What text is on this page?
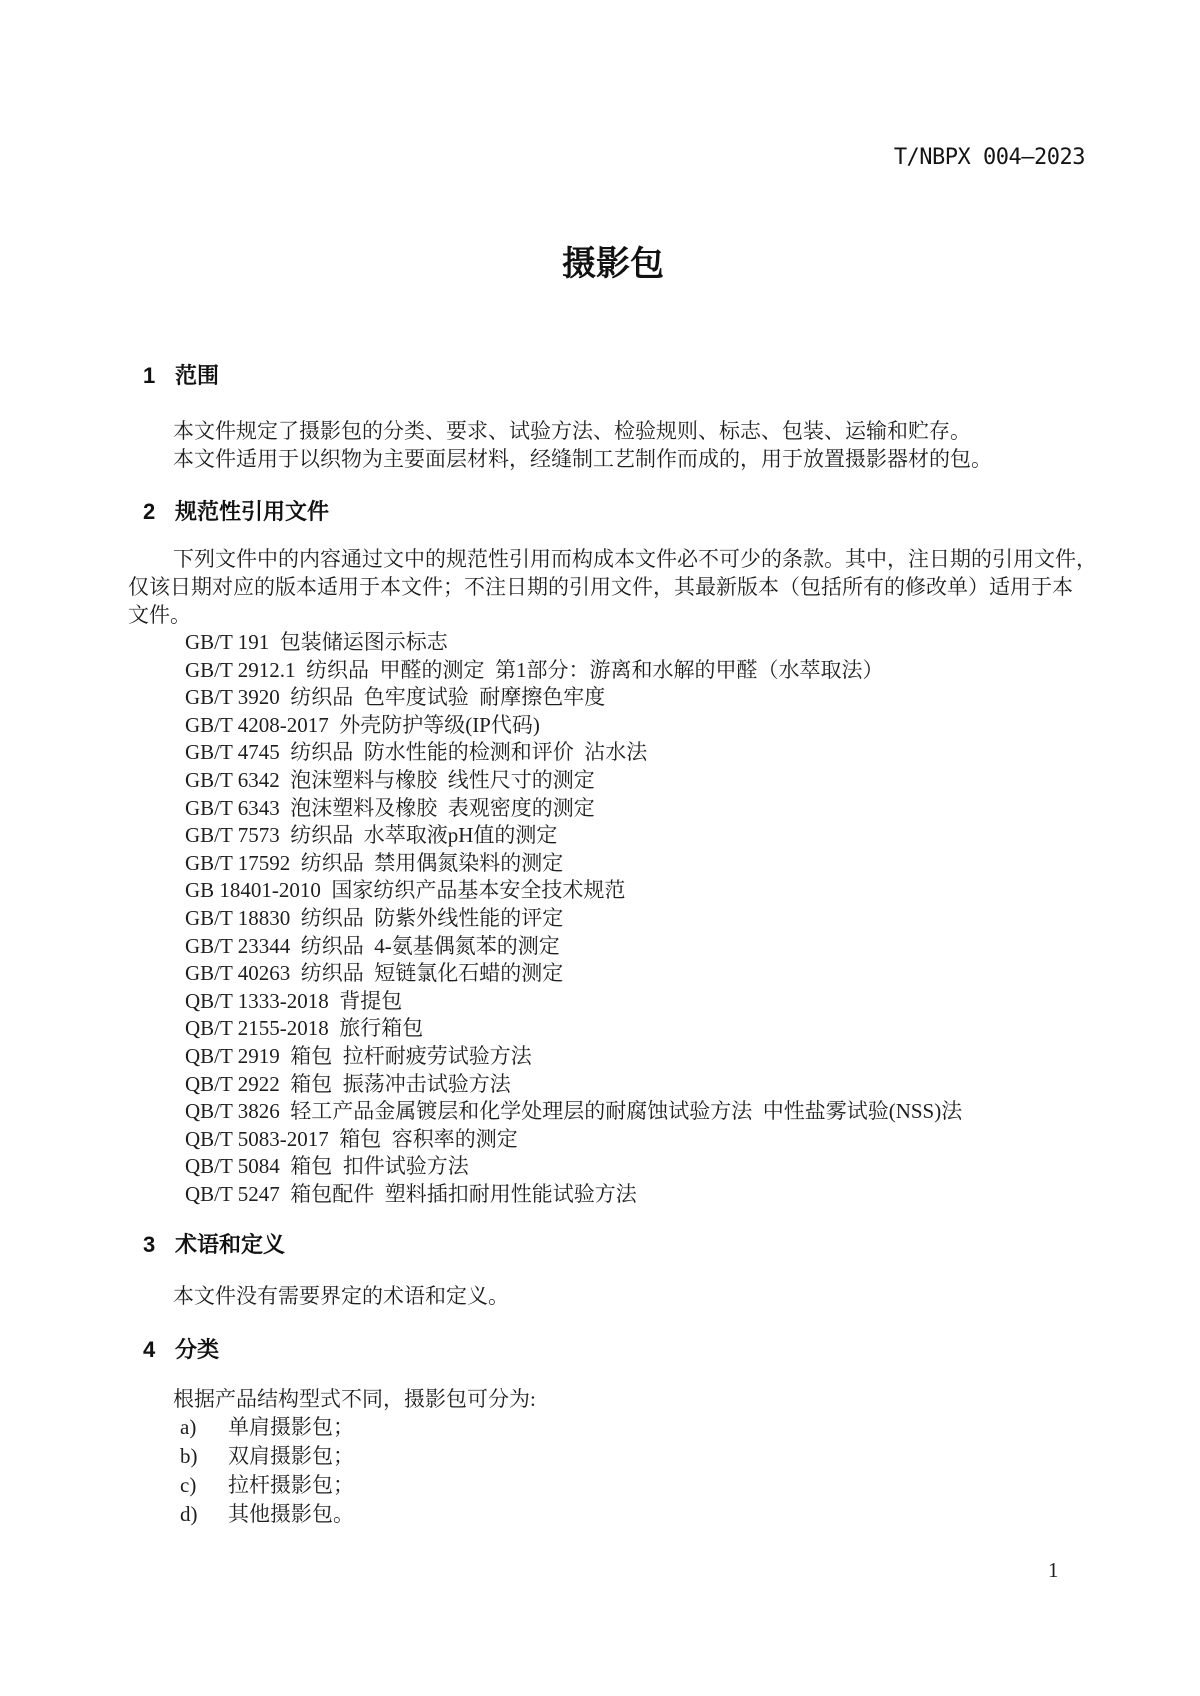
T/NBPX 004—2023
摄影包
1 范围
本文件规定了摄影包的分类、要求、试验方法、检验规则、标志、包装、运输和贮存。
本文件适用于以织物为主要面层材料，经缝制工艺制作而成的，用于放置摄影器材的包。
2 规范性引用文件
下列文件中的内容通过文中的规范性引用而构成本文件必不可少的条款。其中，注日期的引用文件，
仅该日期对应的版本适用于本文件；不注日期的引用文件，其最新版本（包括所有的修改单）适用于本
文件。
GB/T 191  包装储运图示标志
GB/T 2912.1  纺织品  甲醛的测定  第1部分：游离和水解的甲醛（水萃取法）
GB/T 3920  纺织品  色牢度试验  耐摩擦色牢度
GB/T 4208-2017  外壳防护等级(IP代码)
GB/T 4745  纺织品  防水性能的检测和评价  沾水法
GB/T 6342  泡沫塑料与橡胶  线性尺寸的测定
GB/T 6343  泡沫塑料及橡胶  表观密度的测定
GB/T 7573  纺织品  水萃取液pH值的测定
GB/T 17592  纺织品  禁用偶氮染料的测定
GB 18401-2010  国家纺织产品基本安全技术规范
GB/T 18830  纺织品  防紫外线性能的评定
GB/T 23344  纺织品  4-氨基偶氮苯的测定
GB/T 40263  纺织品  短链氯化石蜡的测定
QB/T 1333-2018  背提包
QB/T 2155-2018  旅行箱包
QB/T 2919  箱包  拉杆耐疲劳试验方法
QB/T 2922  箱包  振荡冲击试验方法
QB/T 3826  轻工产品金属镀层和化学处理层的耐腐蚀试验方法  中性盐雾试验(NSS)法
QB/T 5083-2017  箱包  容积率的测定
QB/T 5084  箱包  扣件试验方法
QB/T 5247  箱包配件  塑料插扣耐用性能试验方法
3 术语和定义
本文件没有需要界定的术语和定义。
4 分类
根据产品结构型式不同，摄影包可分为:
a) 单肩摄影包；
b) 双肩摄影包；
c) 拉杆摄影包；
d) 其他摄影包。
1
